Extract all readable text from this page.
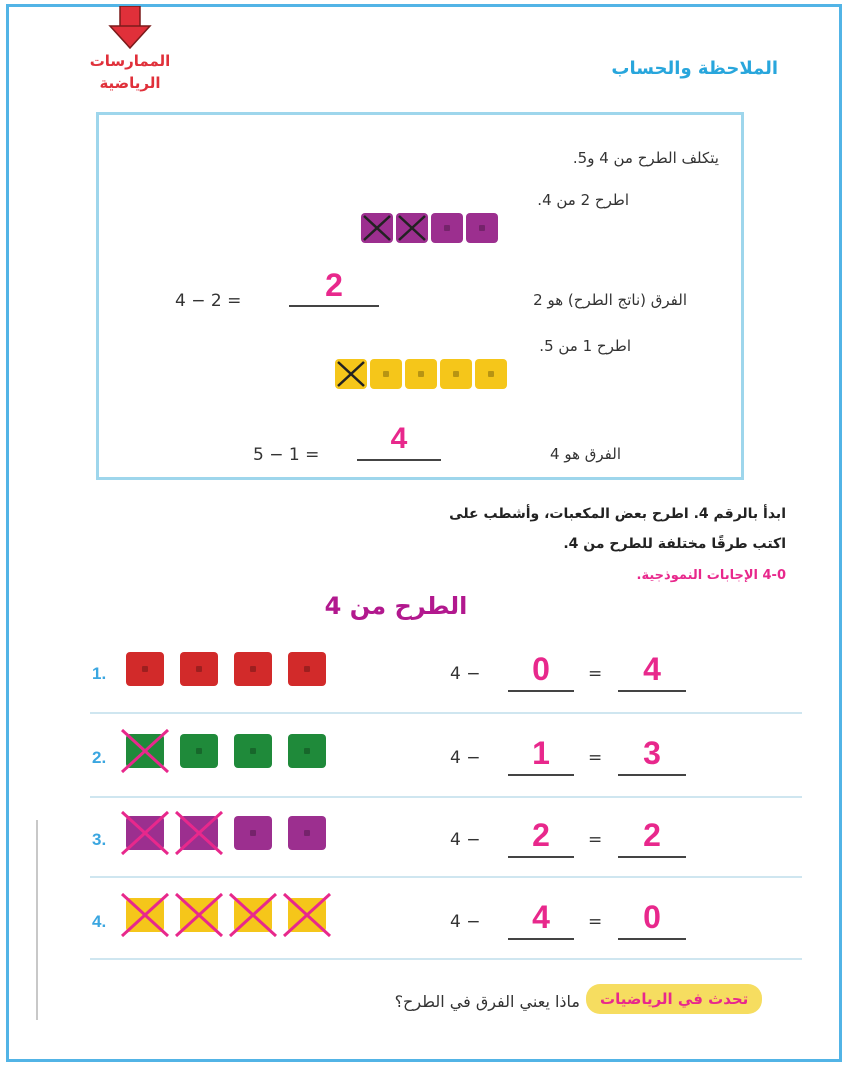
الممارسات
الرياضية
الملاحظة والحساب
يتكلف الطرح من 4 و5.
اطرح 2 من 4.
4 − 2 =	2	الفرق (ناتج الطرح) هو 2
اطرح 1 من 5.
5 − 1 =	4	الفرق هو 4
ابدأ بالرقم 4. اطرح بعض المكعبات، وأشطب على
اكتب طرقًا مختلفة للطرح من 4.
4-0 الإجابات النموذجية.
الطرح من 4
1.	4 −	0	=	4
2.	4 −	1	=	3
3.	4 −	2	=	2
4.	4 −	4	=	0
تحدث في الرياضيات
ماذا يعني الفرق في الطرح؟
